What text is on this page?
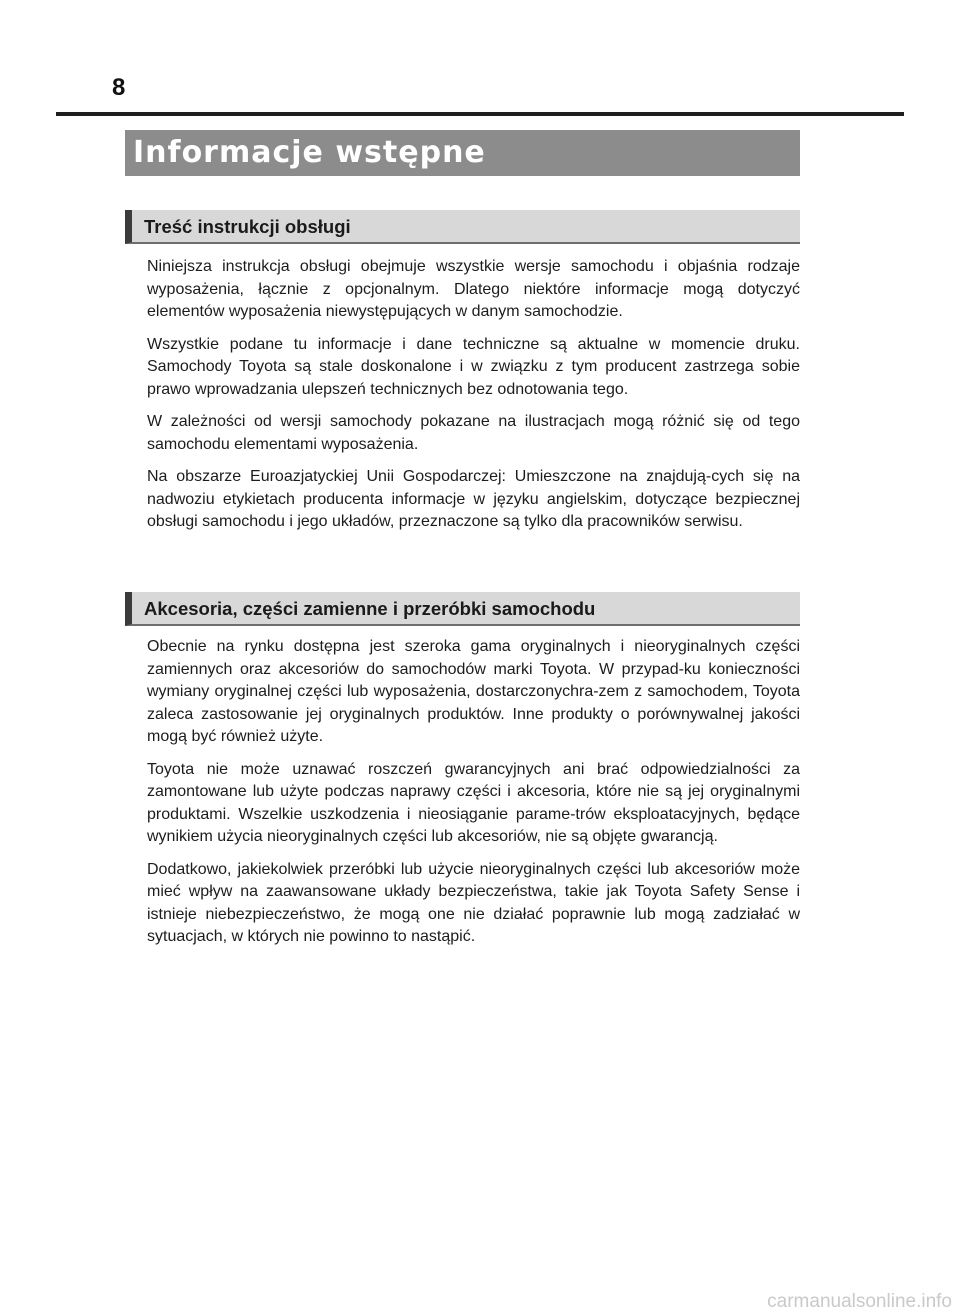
8
Informacje wstępne
Treść instrukcji obsługi

Niniejsza instrukcja obsługi obejmuje wszystkie wersje samochodu i objaśnia rodzaje wyposażenia, łącznie z opcjonalnym. Dlatego niektóre informacje mogą dotyczyć elementów wyposażenia niewystępujących w danym samochodzie.

Wszystkie podane tu informacje i dane techniczne są aktualne w momencie druku. Samochody Toyota są stale doskonalone i w związku z tym producent zastrzega sobie prawo wprowadzania ulepszeń technicznych bez odnotowania tego.

W zależności od wersji samochody pokazane na ilustracjach mogą różnić się od tego samochodu elementami wyposażenia.

Na obszarze Euroazjatyckiej Unii Gospodarczej: Umieszczone na znajdują-cych się na nadwoziu etykietach producenta informacje w języku angielskim, dotyczące bezpiecznej obsługi samochodu i jego układów, przeznaczone są tylko dla pracowników serwisu.

Akcesoria, części zamienne i przeróbki samochodu

Obecnie na rynku dostępna jest szeroka gama oryginalnych i nieoryginalnych części zamiennych oraz akcesoriów do samochodów marki Toyota. W przypad-ku konieczności wymiany oryginalnej części lub wyposażenia, dostarczonychra-zem z samochodem, Toyota zaleca zastosowanie jej oryginalnych produktów. Inne produkty o porównywalnej jakości mogą być również użyte.

Toyota nie może uznawać roszczeń gwarancyjnych ani brać odpowiedzialności za zamontowane lub użyte podczas naprawy części i akcesoria, które nie są jej oryginalnymi produktami. Wszelkie uszkodzenia i nieosiąganie parame-trów eksploatacyjnych, będące wynikiem użycia nieoryginalnych części lub akcesoriów, nie są objęte gwarancją.

Dodatkowo, jakiekolwiek przeróbki lub użycie nieoryginalnych części lub akcesoriów może mieć wpływ na zaawansowane układy bezpieczeństwa, takie jak Toyota Safety Sense i istnieje niebezpieczeństwo, że mogą one nie działać poprawnie lub mogą zadziałać w sytuacjach, w których nie powinno to nastąpić.

carmanualsonline.info
